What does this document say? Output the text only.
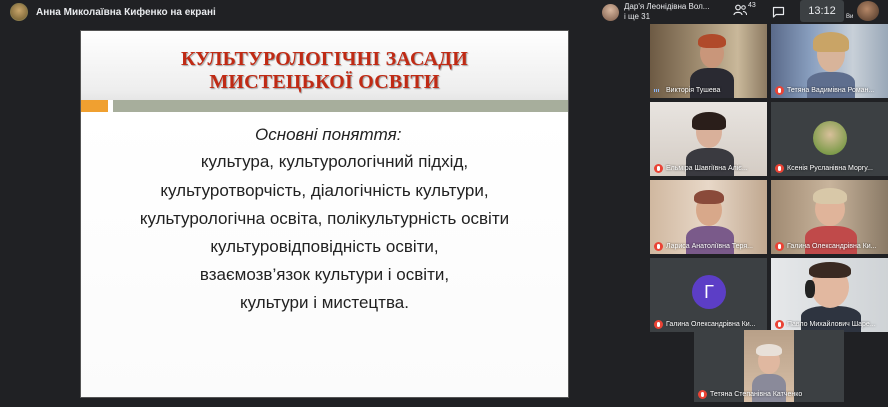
Анна Миколаївна Кифенко на екрані	Дар'я Леонідівна Вол...
і ще 31
43	13:12	Ви
КУЛЬТУРОЛОГІЧНІ ЗАСАДИ
МИСТЕЦЬКОЇ ОСВІТИ
Основні поняття:
культура, культурологічний підхід,
культуротворчість, діалогічність культури,
культурологічна освіта, полікультурність освіти
культуровідповідність освіти,
взаємозв’язок культури і освіти,
культури і мистецтва.
Викторія Тушева	Тетяна Вадимівна Роман...
Ельміра Шавгіївна Аліє...	Ксенія Русланівна Моргу...
Лариса Анатоліївна Теря...	Галина Олександрівна Ки...
Г
Галина Олександрівна Ки...	Павло Михайлович Шаре...
Тетяна Степанівна Катченко
